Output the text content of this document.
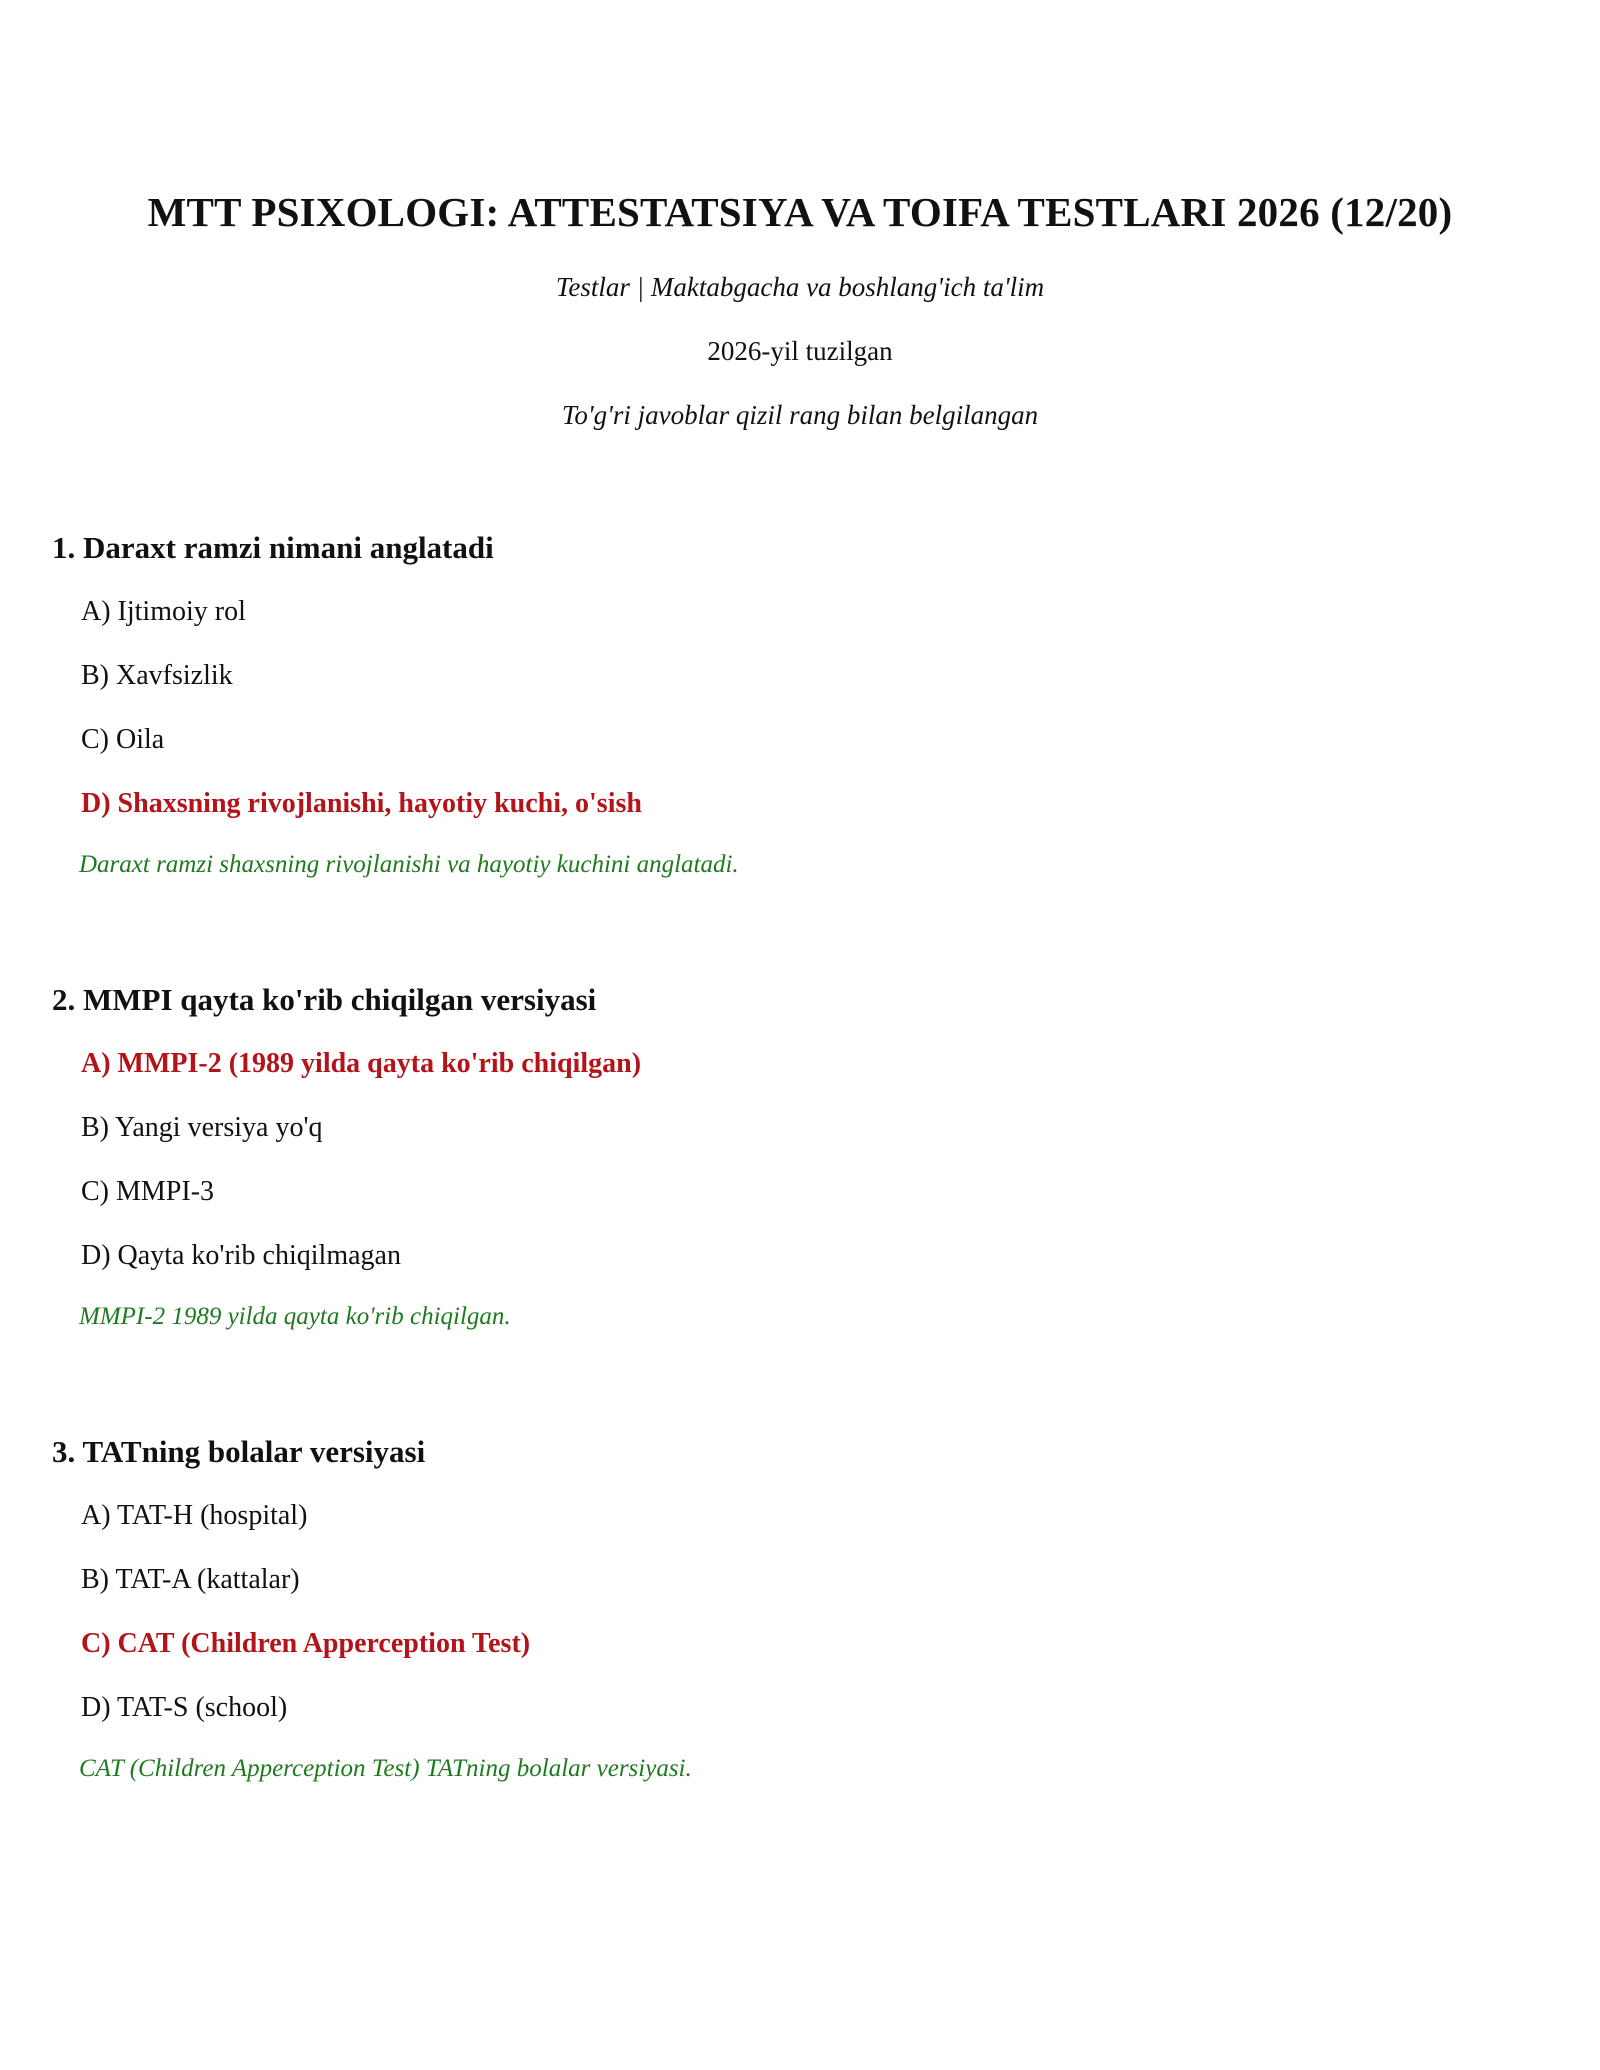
MTT PSIXOLOGI: ATTESTATSIYA VA TOIFA TESTLARI 2026 (12/20)

Testlar | Maktabgacha va boshlang'ich ta'lim

2026-yil tuzilgan

To'g'ri javoblar qizil rang bilan belgilangan

1. Daraxt ramzi nimani anglatadi
A) Ijtimoiy rol
B) Xavfsizlik
C) Oila
D) Shaxsning rivojlanishi, hayotiy kuchi, o'sish

Daraxt ramzi shaxsning rivojlanishi va hayotiy kuchini anglatadi.

2. MMPI qayta ko'rib chiqilgan versiyasi
A) MMPI-2 (1989 yilda qayta ko'rib chiqilgan)
B) Yangi versiya yo'q
C) MMPI-3
D) Qayta ko'rib chiqilmagan

MMPI-2 1989 yilda qayta ko'rib chiqilgan.

3. TATning bolalar versiyasi
A) TAT-H (hospital)
B) TAT-A (kattalar)
C) CAT (Children Apperception Test)
D) TAT-S (school)

CAT (Children Apperception Test) TATning bolalar versiyasi.
